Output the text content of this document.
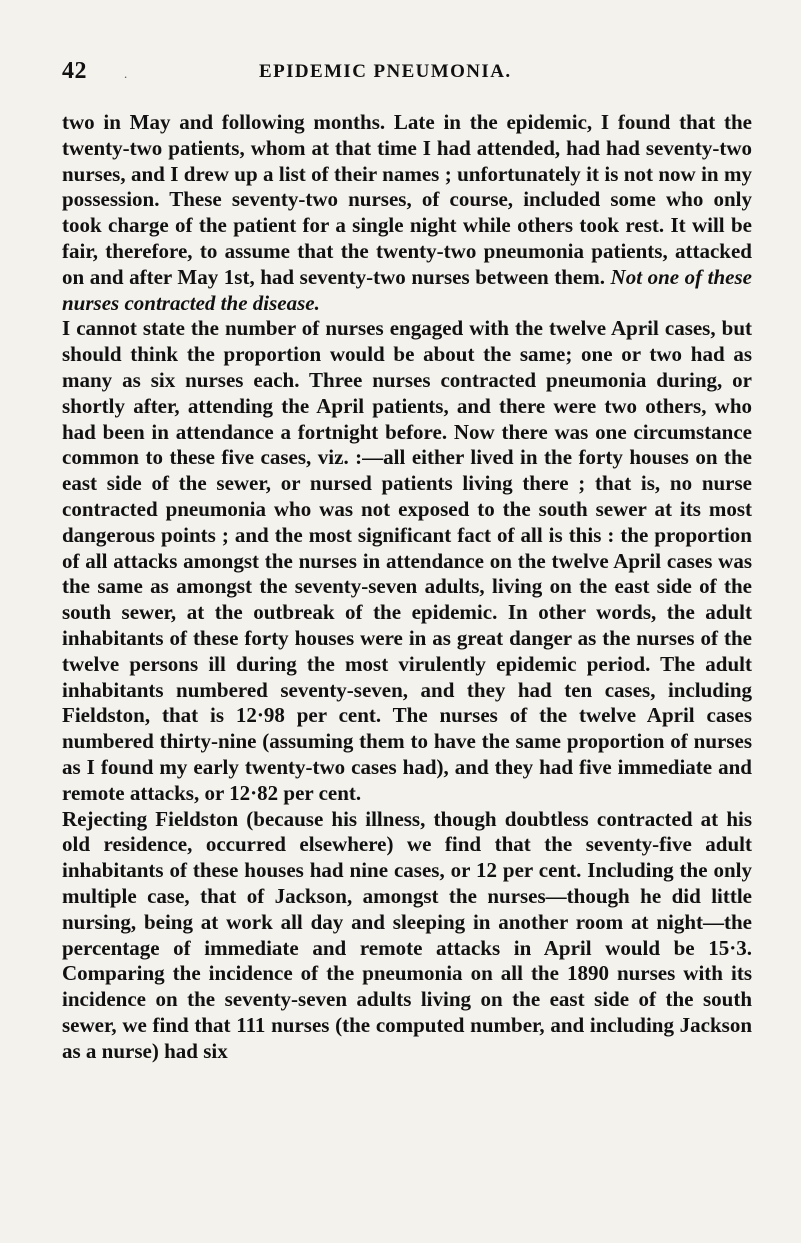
42	.	EPIDEMIC PNEUMONIA.

two in May and following months. Late in the epidemic, I found that the twenty-two patients, whom at that time I had attended, had had seventy-two nurses, and I drew up a list of their names ; unfortunately it is not now in my possession. These seventy-two nurses, of course, included some who only took charge of the patient for a single night while others took rest. It will be fair, therefore, to assume that the twenty-two pneumonia patients, attacked on and after May 1st, had seventy-two nurses between them. Not one of these nurses contracted the disease.

I cannot state the number of nurses engaged with the twelve April cases, but should think the proportion would be about the same; one or two had as many as six nurses each. Three nurses contracted pneumonia during, or shortly after, attending the April patients, and there were two others, who had been in attendance a fortnight before. Now there was one circumstance common to these five cases, viz. :—all either lived in the forty houses on the east side of the sewer, or nursed patients living there ; that is, no nurse contracted pneumonia who was not exposed to the south sewer at its most dangerous points ; and the most significant fact of all is this : the proportion of all attacks amongst the nurses in attendance on the twelve April cases was the same as amongst the seventy-seven adults, living on the east side of the south sewer, at the outbreak of the epidemic. In other words, the adult inhabitants of these forty houses were in as great danger as the nurses of the twelve persons ill during the most virulently epidemic period. The adult inhabitants numbered seventy-seven, and they had ten cases, including Fieldston, that is 12·98 per cent. The nurses of the twelve April cases numbered thirty-nine (assuming them to have the same proportion of nurses as I found my early twenty-two cases had), and they had five immediate and remote attacks, or 12·82 per cent.

Rejecting Fieldston (because his illness, though doubtless contracted at his old residence, occurred elsewhere) we find that the seventy-five adult inhabitants of these houses had nine cases, or 12 per cent. Including the only multiple case, that of Jackson, amongst the nurses—though he did little nursing, being at work all day and sleeping in another room at night—the percentage of immediate and remote attacks in April would be 15·3. Comparing the incidence of the pneumonia on all the 1890 nurses with its incidence on the seventy-seven adults living on the east side of the south sewer, we find that 111 nurses (the computed number, and including Jackson as a nurse) had six
